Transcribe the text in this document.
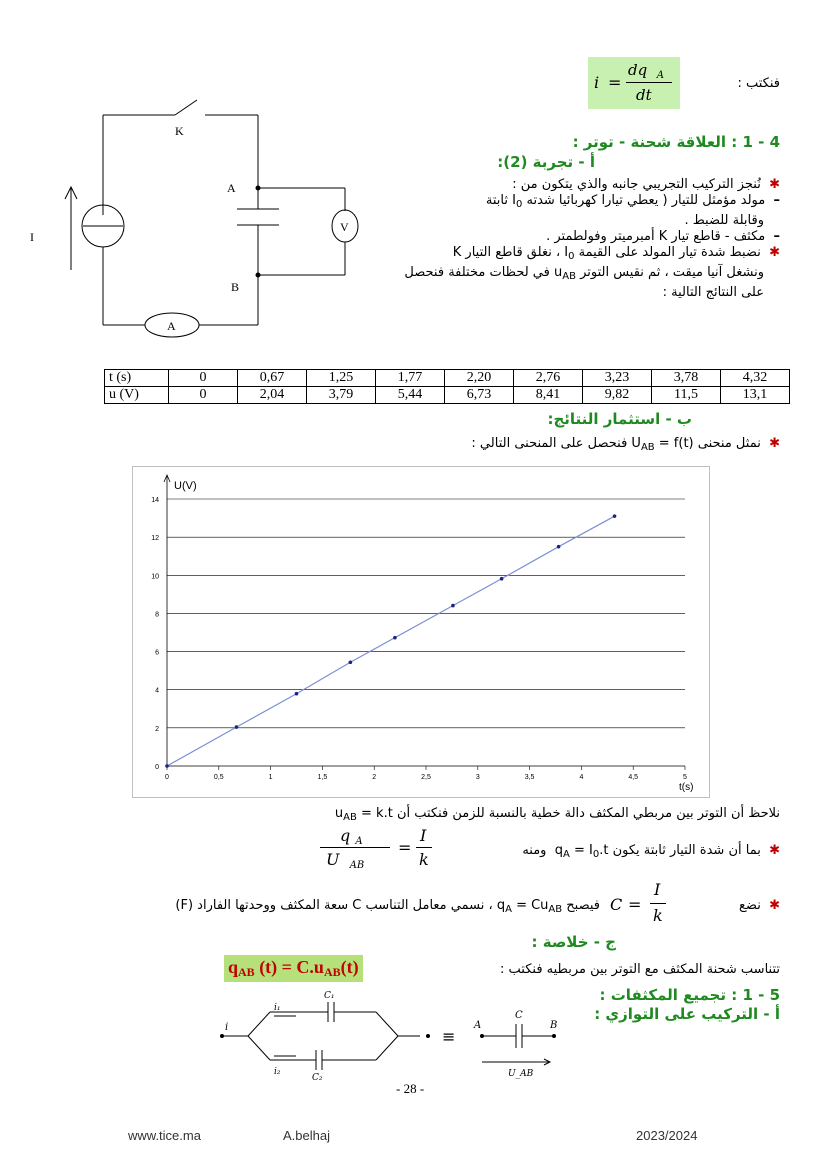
i =
dq $_A$
dt
فنكتب :
K
A
B
V
A
I
4 - 1 : العلاقة شحنة - توتر :
أ - تجربة (2):
✱  نُنجز التركيب التجريبي جانبه والذي يتكون من :
–  مولد مؤمثل للتيار ( يعطي تيارا كهربائيا شدته $I_0$ ثابتة
وقابلة للضبط .
–  مكثف - قاطع تيار K أمبرميتر وفولطمتر .
✱  نضبط شدة تيار المولد على القيمة $I_0$ ، نغلق قاطع التيار K
ونشغل آنيا ميقت ، ثم نقيس التوتر $u_{AB}$ في لحظات مختلفة فنحصل
على النتائج التالية :
t (s)	0	0,67	1,25	1,77	2,20	2,76	3,23	3,78	4,32
u (V)	0	2,04	3,79	5,44	6,73	8,41	9,82	11,5	13,1
ب - استثمار النتائج:
✱  نمثل منحنى $U_{AB} = f(t)$ فنحصل على المنحنى التالي :
0
2
4
6
8
10
12
14
0	0,5	1	1,5	2	2,5	3	3,5	4	4,5	5
U(V)
t(s)
نلاحظ أن التوتر بين مربطي المكثف دالة خطية بالنسبة للزمن فنكتب أن $u_{AB} = k.t$
✱  بما أن شدة التيار ثابتة يكون $q_A = I_0.t$  ومنه
q $_A$
U $_{AB}$
=
I
k
✱  نضع
C =
I
k
فيصبح $q_A = Cu_{AB}$ ، نسمي معامل التناسب C سعة المكثف ووحدتها الفاراد (F)
ج - خلاصة :
تتناسب شحنة المكثف مع التوتر بين مربطيه فنكتب :
qAB (t) = C.uAB(t)
5 - 1 : تجميع المكثفات :
أ - التركيب على التوازي :
i
i₁
i₂
C₁
C₂
≡
A	B
C
U_AB
- 28 -
www.tice.ma	A.belhaj	2023/2024
